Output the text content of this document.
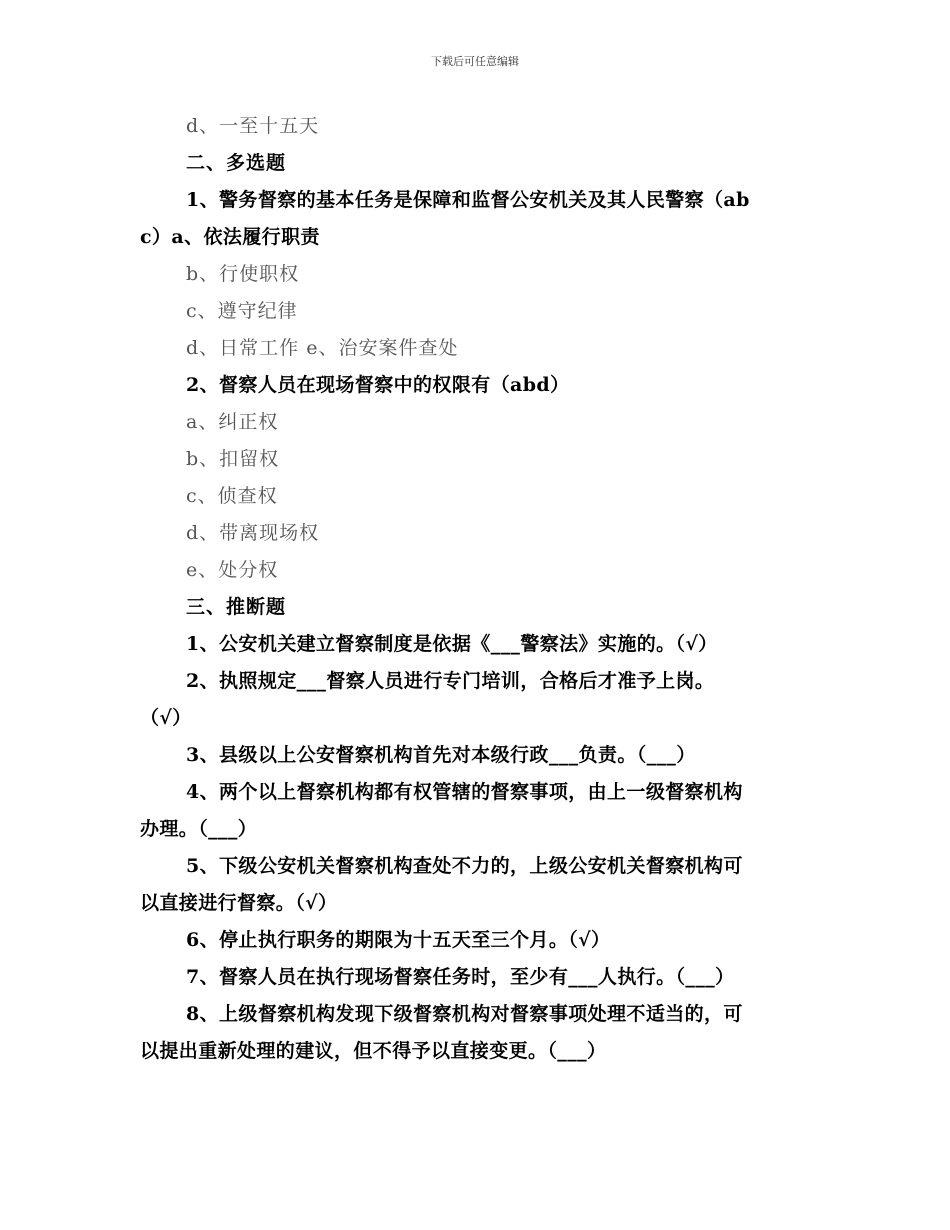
下载后可任意编辑
d、一至十五天
二、多选题
1、警务督察的基本任务是保障和监督公安机关及其人民警察（ab
c）a、依法履行职责
b、行使职权
c、遵守纪律
d、日常工作 e、治安案件查处
2、督察人员在现场督察中的权限有（abd）
a、纠正权
b、扣留权
c、侦查权
d、带离现场权
e、处分权
三、推断题
1、公安机关建立督察制度是依据《___警察法》实施的。（√）
2、执照规定___督察人员进行专门培训，合格后才准予上岗。
（√）
3、县级以上公安督察机构首先对本级行政___负责。（___）
4、两个以上督察机构都有权管辖的督察事项，由上一级督察机构
办理。（___）
5、下级公安机关督察机构查处不力的，上级公安机关督察机构可
以直接进行督察。（√）
6、停止执行职务的期限为十五天至三个月。（√）
7、督察人员在执行现场督察任务时，至少有___人执行。（___）
8、上级督察机构发现下级督察机构对督察事项处理不适当的，可
以提出重新处理的建议，但不得予以直接变更。（___）
